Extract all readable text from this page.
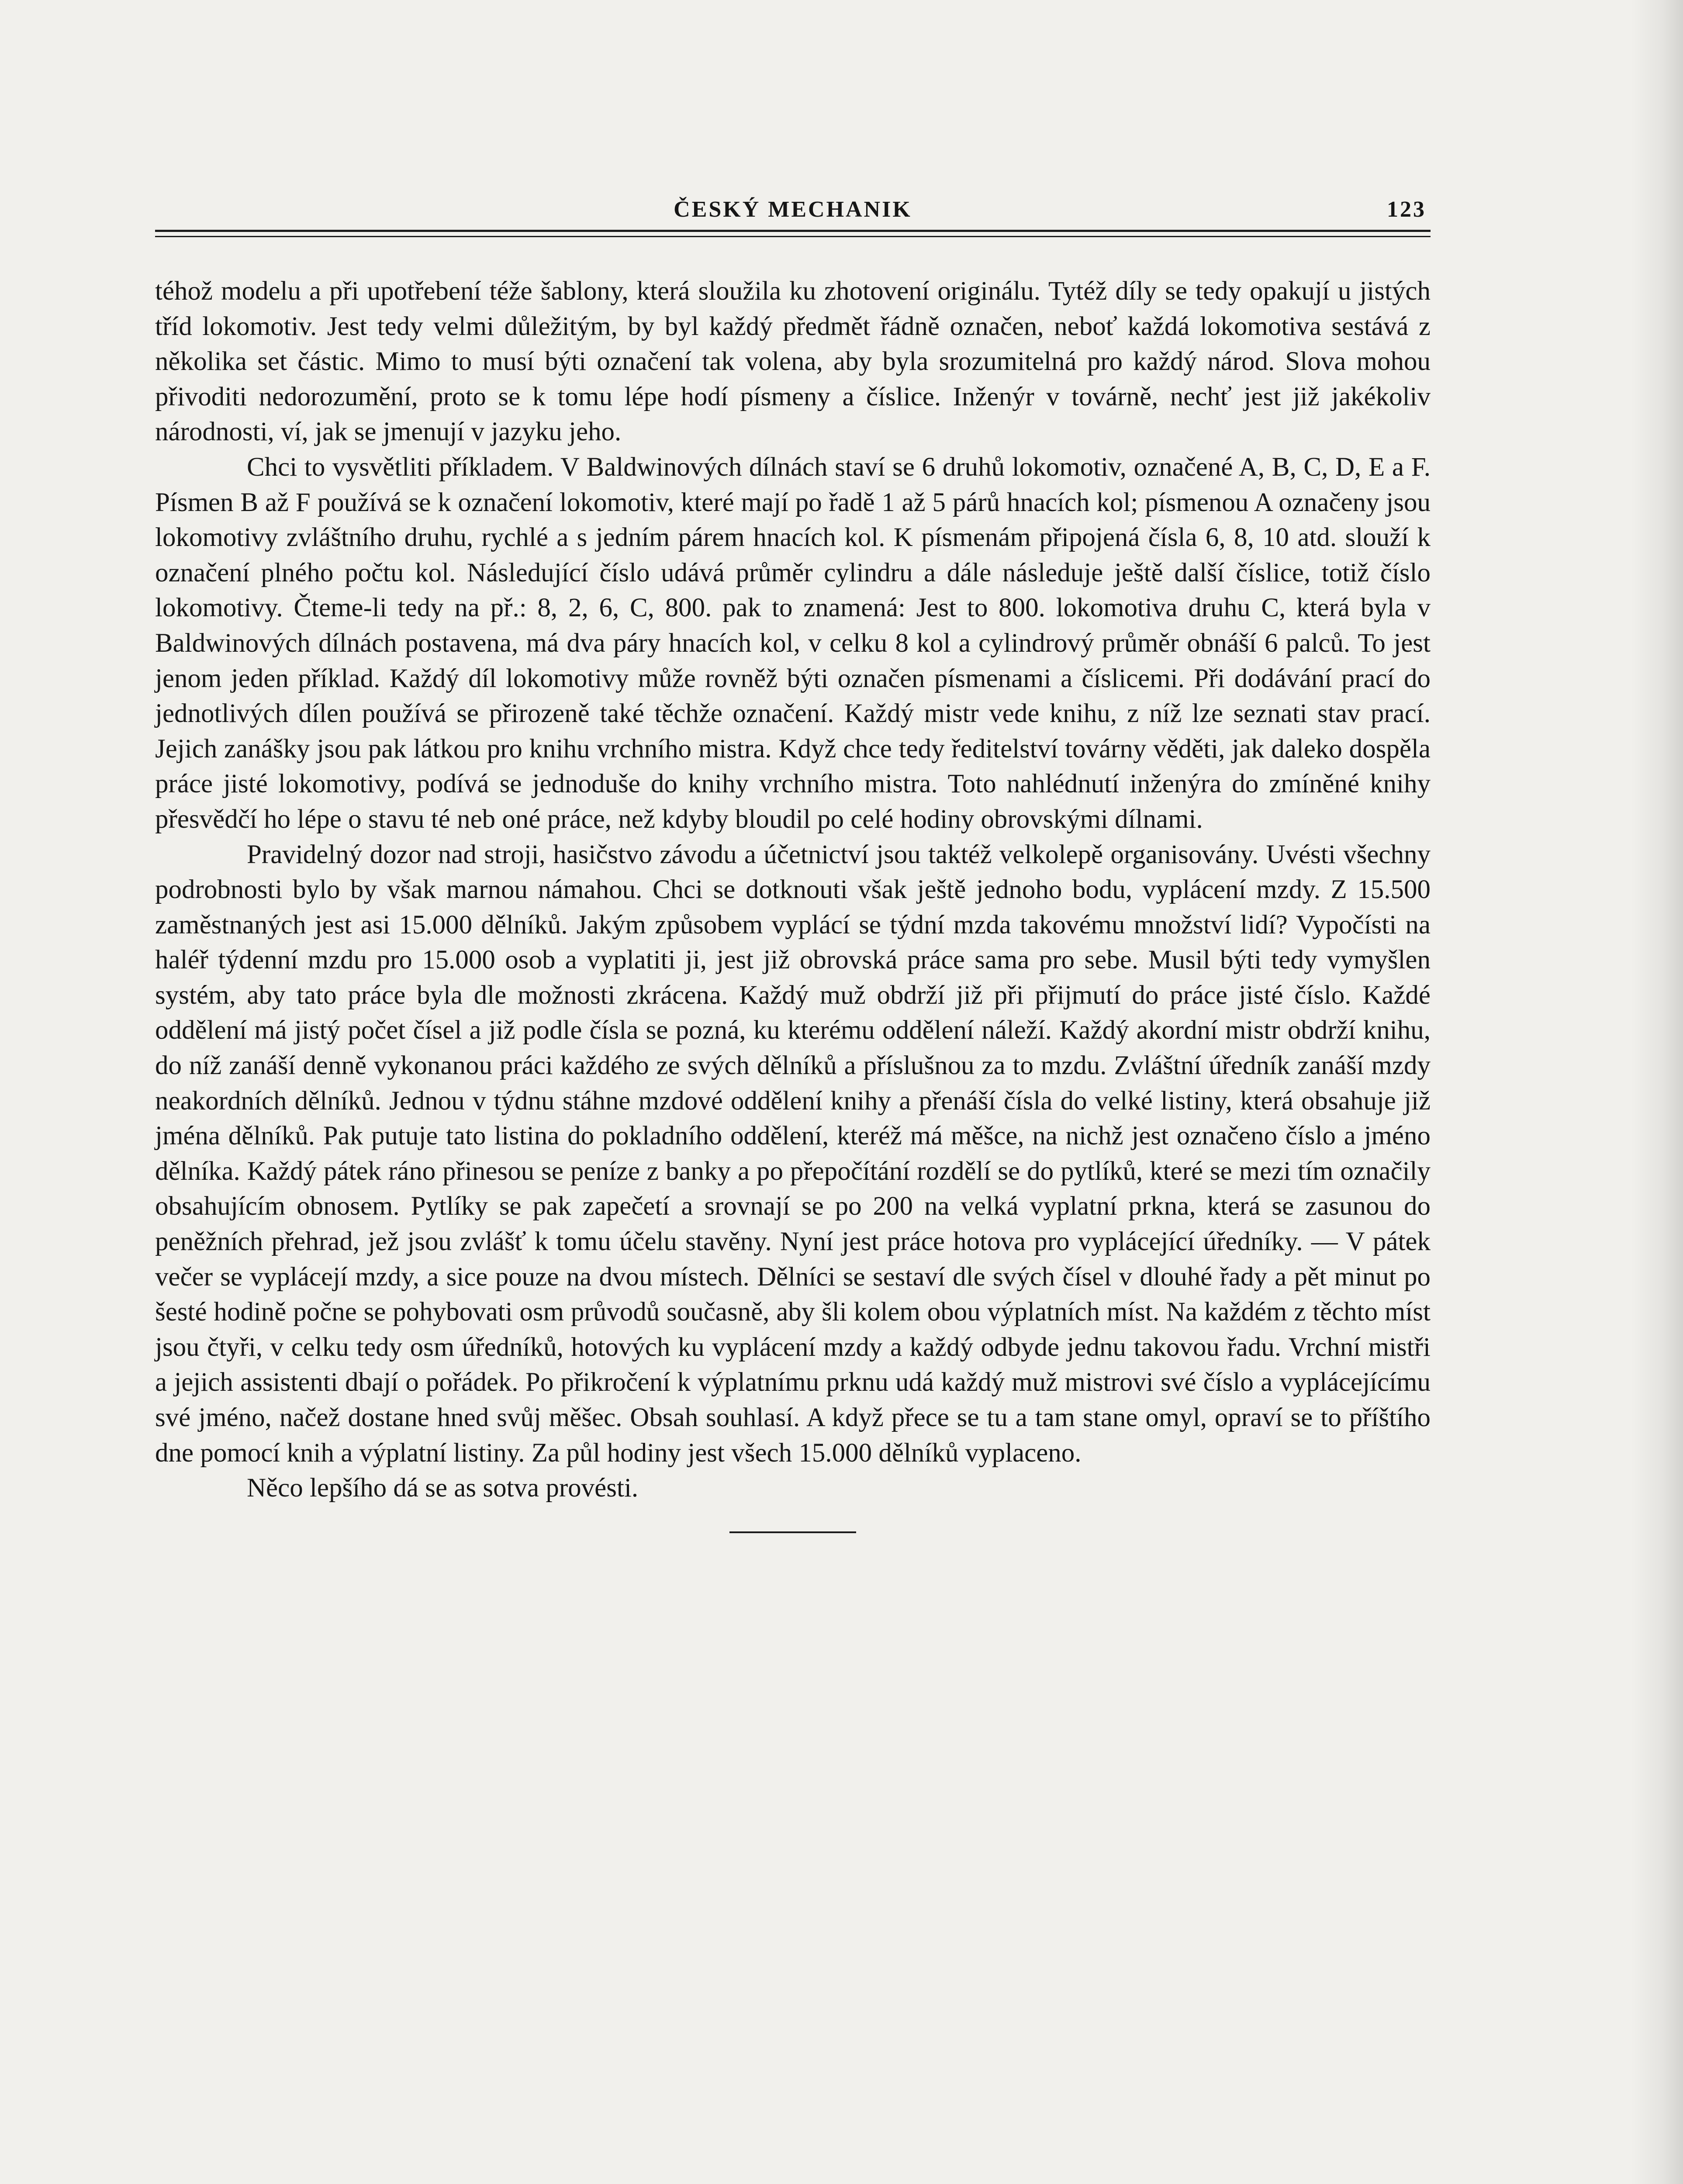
ČESKÝ MECHANIK	123

téhož modelu a při upotřebení téže šablony, která sloužila ku zhotovení originálu. Tytéž díly se tedy opakují u jistých tříd lokomotiv. Jest tedy velmi důležitým, by byl každý předmět řádně označen, neboť každá lokomotiva sestává z několika set částic. Mimo to musí býti označení tak volena, aby byla srozumitelná pro každý národ. Slova mohou přivoditi nedorozumění, proto se k tomu lépe hodí písmeny a číslice. Inženýr v továrně, nechť jest již jakékoliv národnosti, ví, jak se jmenují v jazyku jeho.

Chci to vysvětliti příkladem. V Baldwinových dílnách staví se 6 druhů lokomotiv, označené A, B, C, D, E a F. Písmen B až F používá se k označení lokomotiv, které mají po řadě 1 až 5 párů hnacích kol; písmenou A označeny jsou lokomotivy zvláštního druhu, rychlé a s jedním párem hnacích kol. K písmenám připojená čísla 6, 8, 10 atd. slouží k označení plného počtu kol. Následující číslo udává průměr cylindru a dále následuje ještě další číslice, totiž číslo lokomotivy. Čteme-li tedy na př.: 8, 2, 6, C, 800. pak to znamená: Jest to 800. lokomotiva druhu C, která byla v Baldwinových dílnách postavena, má dva páry hnacích kol, v celku 8 kol a cylindrový průměr obnáší 6 palců. To jest jenom jeden příklad. Každý díl lokomotivy může rovněž býti označen písmenami a číslicemi. Při dodávání prací do jednotlivých dílen používá se přirozeně také těchže označení. Každý mistr vede knihu, z níž lze seznati stav prací. Jejich zanášky jsou pak látkou pro knihu vrchního mistra. Když chce tedy ředitelství továrny věděti, jak daleko dospěla práce jisté lokomotivy, podívá se jednoduše do knihy vrchního mistra. Toto nahlédnutí inženýra do zmíněné knihy přesvědčí ho lépe o stavu té neb oné práce, než kdyby bloudil po celé hodiny obrovskými dílnami.

Pravidelný dozor nad stroji, hasičstvo závodu a účetnictví jsou taktéž velkolepě organisovány. Uvésti všechny podrobnosti bylo by však marnou námahou. Chci se dotknouti však ještě jednoho bodu, vyplácení mzdy. Z 15.500 zaměstnaných jest asi 15.000 dělníků. Jakým způsobem vyplácí se týdní mzda takovému množství lidí? Vypočísti na haléř týdenní mzdu pro 15.000 osob a vyplatiti ji, jest již obrovská práce sama pro sebe. Musil býti tedy vymyšlen systém, aby tato práce byla dle možnosti zkrácena. Každý muž obdrží již při přijmutí do práce jisté číslo. Každé oddělení má jistý počet čísel a již podle čísla se pozná, ku kterému oddělení náleží. Každý akordní mistr obdrží knihu, do níž zanáší denně vykonanou práci každého ze svých dělníků a příslušnou za to mzdu. Zvláštní úředník zanáší mzdy neakordních dělníků. Jednou v týdnu stáhne mzdové oddělení knihy a přenáší čísla do velké listiny, která obsahuje již jména dělníků. Pak putuje tato listina do pokladního oddělení, kteréž má měšce, na nichž jest označeno číslo a jméno dělníka. Každý pátek ráno přinesou se peníze z banky a po přepočítání rozdělí se do pytlíků, které se mezi tím označily obsahujícím obnosem. Pytlíky se pak zapečetí a srovnají se po 200 na velká vyplatní prkna, která se zasunou do peněžních přehrad, jež jsou zvlášť k tomu účelu stavěny. Nyní jest práce hotova pro vyplácející úředníky. — V pátek večer se vyplácejí mzdy, a sice pouze na dvou místech. Dělníci se sestaví dle svých čísel v dlouhé řady a pět minut po šesté hodině počne se pohybovati osm průvodů současně, aby šli kolem obou výplatních míst. Na každém z těchto míst jsou čtyři, v celku tedy osm úředníků, hotových ku vyplácení mzdy a každý odbyde jednu takovou řadu. Vrchní mistři a jejich assistenti dbají o pořádek. Po přikročení k výplatnímu prknu udá každý muž mistrovi své číslo a vyplácejícímu své jméno, načež dostane hned svůj měšec. Obsah souhlasí. A když přece se tu a tam stane omyl, opraví se to příštího dne pomocí knih a výplatní listiny. Za půl hodiny jest všech 15.000 dělníků vyplaceno.

Něco lepšího dá se as sotva provésti.
